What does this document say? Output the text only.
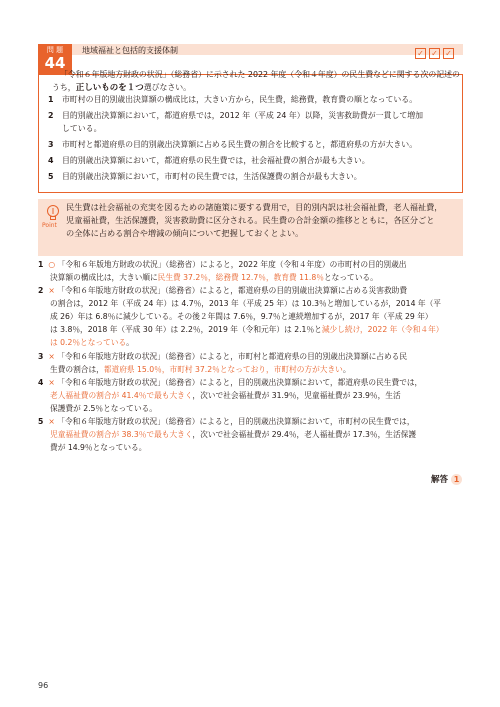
問 題
44
地域福祉と包括的支援体制	✓ ✓ ✓
「令和６年版地方財政の状況」（総務省）に示された 2022 年度（令和４年度）の民生費などに関する次の記述のうち，正しいものを１つ選びなさい。
1 市町村の目的別歳出決算額の構成比は，大きい方から，民生費，総務費，教育費の順となっている。
2 目的別歳出決算額において，都道府県では，2012 年（平成 24 年）以降，災害救助費が一貫して増加
している。
3 市町村と都道府県の目的別歳出決算額に占める民生費の割合を比較すると，都道府県の方が大きい。
4 目的別歳出決算額において，都道府県の民生費では，社会福祉費の割合が最も大きい。
5 目的別歳出決算額において，市町村の民生費では，生活保護費の割合が最も大きい。
Point
民生費は社会福祉の充実を図るための諸施策に要する費用で，目的別内訳は社会福祉費，老人福祉費，
児童福祉費，生活保護費，災害救助費に区分される。民生費の合計金額の推移とともに，各区分ごと
の全体に占める割合や増減の傾向について把握しておくとよい。
1 ○ 「令和６年版地方財政の状況」（総務省）によると，2022 年度（令和４年度）の市町村の目的別歳出
決算額の構成比は，大きい順に民生費 37.2％，総務費 12.7％，教育費 11.8％となっている。
2 × 「令和６年版地方財政の状況」（総務省）によると，都道府県の目的別歳出決算額に占める災害救助費
の割合は，2012 年（平成 24 年）は 4.7％，2013 年（平成 25 年）は 10.3％と増加しているが，2014 年（平
成 26）年は 6.8％に減少している。その後２年間は 7.6％，9.7％と連続増加するが，2017 年（平成 29 年）
は 3.8％，2018 年（平成 30 年）は 2.2％，2019 年（令和元年）は 2.1％と減少し続け，2022 年（令和４年）
は 0.2％となっている。
3 × 「令和６年版地方財政の状況」（総務省）によると，市町村と都道府県の目的別歳出決算額に占める民
生費の割合は，都道府県 15.0％，市町村 37.2％となっており，市町村の方が大きい。
4 × 「令和６年版地方財政の状況」（総務省）によると，目的別歳出決算額において，都道府県の民生費では，
老人福祉費の割合が 41.4％で最も大きく，次いで社会福祉費が 31.9％，児童福祉費が 23.9％，生活
保護費が 2.5％となっている。
5 × 「令和６年版地方財政の状況」（総務省）によると，目的別歳出決算額において，市町村の民生費では，
児童福祉費の割合が 38.3％で最も大きく，次いで社会福祉費が 29.4％，老人福祉費が 17.3％，生活保護
費が 14.9％となっている。
解答 1
96
